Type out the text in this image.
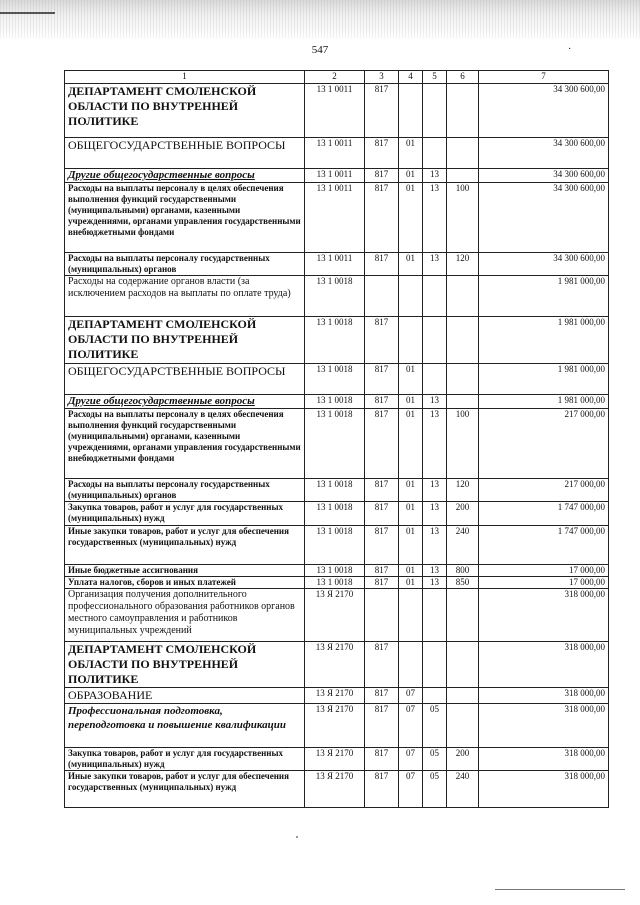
547	·
1	2	3	4	5	6	7
ДЕПАРТАМЕНТ СМОЛЕНСКОЙ ОБЛАСТИ ПО ВНУТРЕННЕЙ ПОЛИТИКЕ	13 1 0011	817				34 300 600,00
ОБЩЕГОСУДАРСТВЕННЫЕ ВОПРОСЫ	13 1 0011	817	01			34 300 600,00
Другие общегосударственные вопросы	13 1 0011	817	01	13		34 300 600,00
Расходы на выплаты персоналу в целях обеспечения выполнения функций государственными (муниципальными) органами, казенными учреждениями, органами управления государственными внебюджетными фондами	13 1 0011	817	01	13	100	34 300 600,00
Расходы на выплаты персоналу государственных (муниципальных) органов	13 1 0011	817	01	13	120	34 300 600,00
Расходы на содержание органов власти (за исключением расходов на выплаты по оплате труда)	13 1 0018					1 981 000,00
ДЕПАРТАМЕНТ СМОЛЕНСКОЙ ОБЛАСТИ ПО ВНУТРЕННЕЙ ПОЛИТИКЕ	13 1 0018	817				1 981 000,00
ОБЩЕГОСУДАРСТВЕННЫЕ ВОПРОСЫ	13 1 0018	817	01			1 981 000,00
Другие общегосударственные вопросы	13 1 0018	817	01	13		1 981 000,00
Расходы на выплаты персоналу в целях обеспечения выполнения функций государственными (муниципальными) органами, казенными учреждениями, органами управления государственными внебюджетными фондами	13 1 0018	817	01	13	100	217 000,00
Расходы на выплаты персоналу государственных (муниципальных) органов	13 1 0018	817	01	13	120	217 000,00
Закупка товаров, работ и услуг для государственных (муниципальных) нужд	13 1 0018	817	01	13	200	1 747 000,00
Иные закупки товаров, работ и услуг для обеспечения государственных (муниципальных) нужд	13 1 0018	817	01	13	240	1 747 000,00
Иные бюджетные ассигнования	13 1 0018	817	01	13	800	17 000,00
Уплата налогов, сборов и иных платежей	13 1 0018	817	01	13	850	17 000,00
Организация получения дополнительного профессионального образования работников органов местного самоуправления и работников муниципальных учреждений	13 Я 2170					318 000,00
ДЕПАРТАМЕНТ СМОЛЕНСКОЙ ОБЛАСТИ ПО ВНУТРЕННЕЙ ПОЛИТИКЕ	13 Я 2170	817				318 000,00
ОБРАЗОВАНИЕ	13 Я 2170	817	07			318 000,00
Профессиональная подготовка, переподготовка и повышение квалификации	13 Я 2170	817	07	05		318 000,00
Закупка товаров, работ и услуг для государственных (муниципальных) нужд	13 Я 2170	817	07	05	200	318 000,00
Иные закупки товаров, работ и услуг для обеспечения государственных (муниципальных) нужд	13 Я 2170	817	07	05	240	318 000,00
